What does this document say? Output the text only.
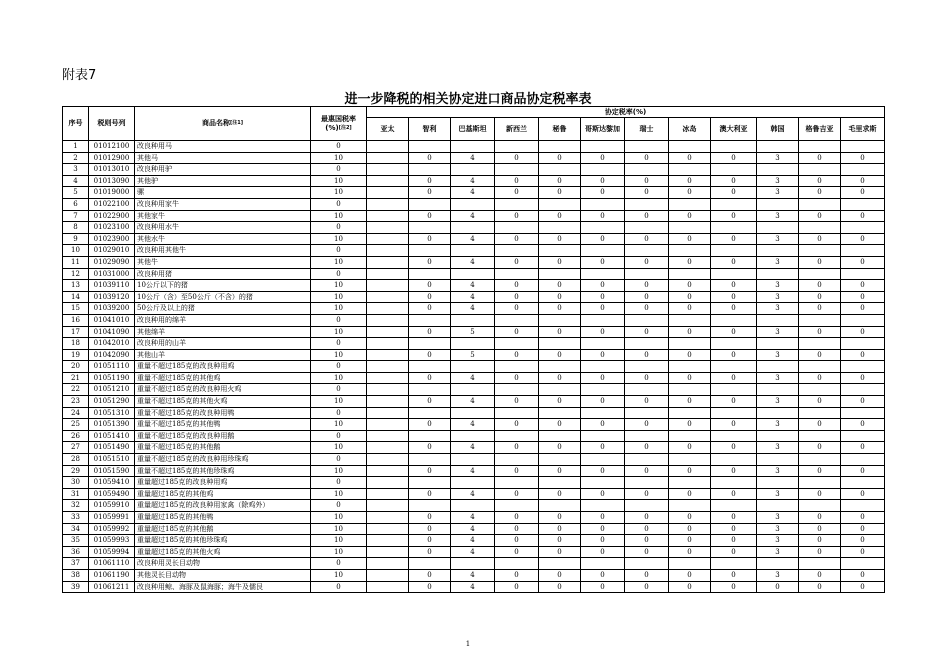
附表7
进一步降税的相关协定进口商品协定税率表
序号	税则号列	商品名称[注1]	最惠国税率
(%)[注2]	协定税率(%)											
				亚太	智利	巴基斯坦	新西兰	秘鲁	哥斯达黎加	瑞士	冰岛	澳大利亚	韩国	格鲁吉亚	毛里求斯
1	01012100	改良种用马	0												
2	01012900	其他马	10		0	4	0	0	0	0	0	0	3	0	0
3	01013010	改良种用驴	0												
4	01013090	其他驴	10		0	4	0	0	0	0	0	0	3	0	0
5	01019000	骡	10		0	4	0	0	0	0	0	0	3	0	0
6	01022100	改良种用家牛	0												
7	01022900	其他家牛	10		0	4	0	0	0	0	0	0	3	0	0
8	01023100	改良种用水牛	0												
9	01023900	其他水牛	10		0	4	0	0	0	0	0	0	3	0	0
10	01029010	改良种用其他牛	0												
11	01029090	其他牛	10		0	4	0	0	0	0	0	0	3	0	0
12	01031000	改良种用猪	0												
13	01039110	10公斤以下的猪	10		0	4	0	0	0	0	0	0	3	0	0
14	01039120	10公斤（含）至50公斤（不含）的猪	10		0	4	0	0	0	0	0	0	3	0	0
15	01039200	50公斤及以上的猪	10		0	4	0	0	0	0	0	0	3	0	0
16	01041010	改良种用的绵羊	0												
17	01041090	其他绵羊	10		0	5	0	0	0	0	0	0	3	0	0
18	01042010	改良种用的山羊	0												
19	01042090	其他山羊	10		0	5	0	0	0	0	0	0	3	0	0
20	01051110	重量不超过185克的改良种用鸡	0												
21	01051190	重量不超过185克的其他鸡	10		0	4	0	0	0	0	0	0	3	0	0
22	01051210	重量不超过185克的改良种用火鸡	0												
23	01051290	重量不超过185克的其他火鸡	10		0	4	0	0	0	0	0	0	3	0	0
24	01051310	重量不超过185克的改良种用鸭	0												
25	01051390	重量不超过185克的其他鸭	10		0	4	0	0	0	0	0	0	3	0	0
26	01051410	重量不超过185克的改良种用鹅	0												
27	01051490	重量不超过185克的其他鹅	10		0	4	0	0	0	0	0	0	3	0	0
28	01051510	重量不超过185克的改良种用珍珠鸡	0												
29	01051590	重量不超过185克的其他珍珠鸡	10		0	4	0	0	0	0	0	0	3	0	0
30	01059410	重量超过185克的改良种用鸡	0												
31	01059490	重量超过185克的其他鸡	10		0	4	0	0	0	0	0	0	3	0	0
32	01059910	重量超过185克的改良种用家禽（除鸡外）	0												
33	01059991	重量超过185克的其他鸭	10		0	4	0	0	0	0	0	0	3	0	0
34	01059992	重量超过185克的其他鹅	10		0	4	0	0	0	0	0	0	3	0	0
35	01059993	重量超过185克的其他珍珠鸡	10		0	4	0	0	0	0	0	0	3	0	0
36	01059994	重量超过185克的其他火鸡	10		0	4	0	0	0	0	0	0	3	0	0
37	01061110	改良种用灵长目动物	0												
38	01061190	其他灵长目动物	10		0	4	0	0	0	0	0	0	3	0	0
39	01061211	改良种用鲸、海豚及鼠海豚；海牛及儒艮	0		0	4	0	0	0	0	0	0	0	0	0
1
